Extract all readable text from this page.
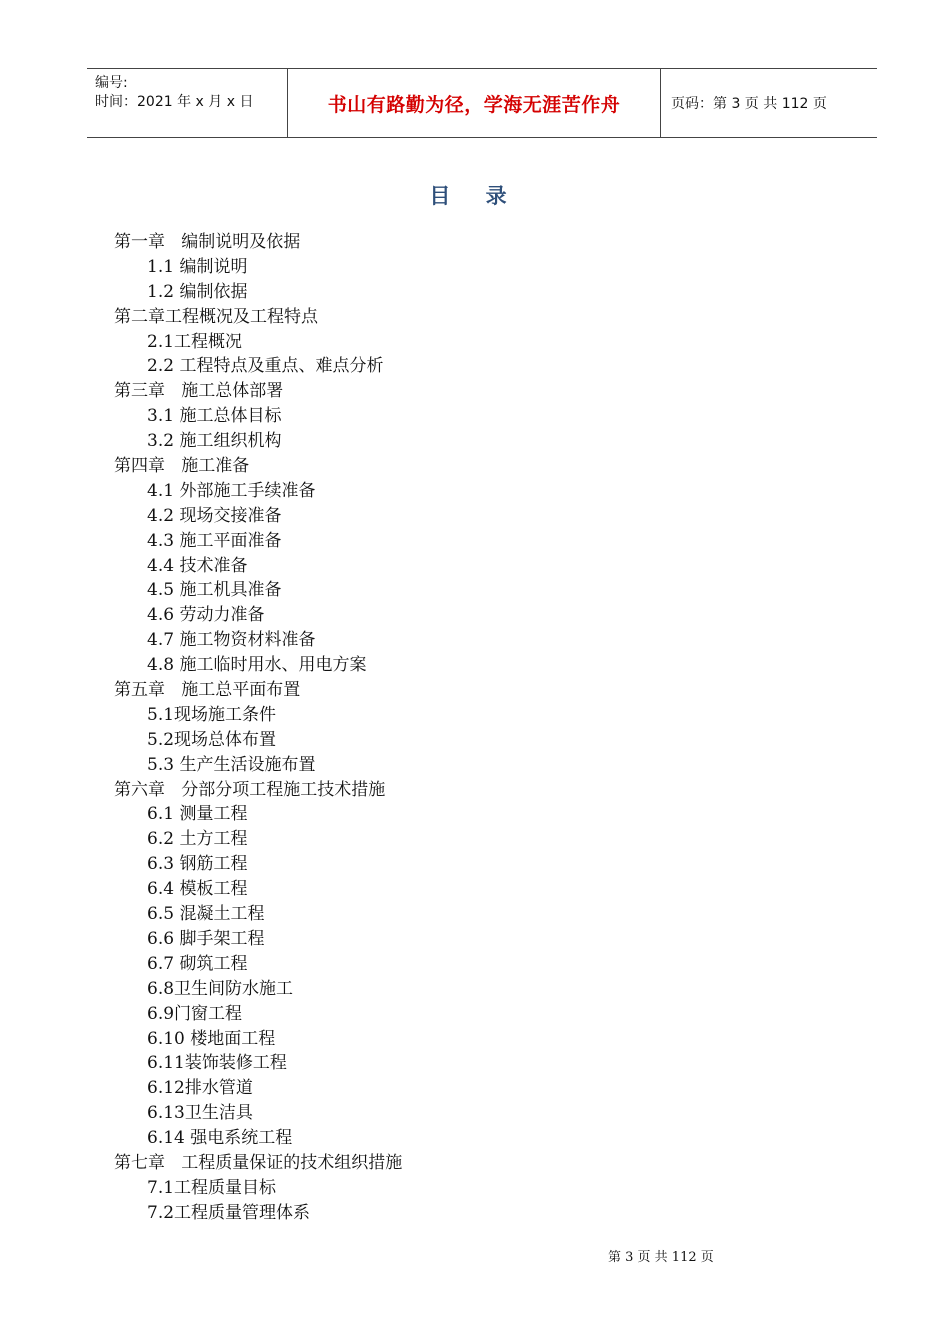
编号:
时间：2021 年 x 月 x 日	书山有路勤为径，学海无涯苦作舟	页码：第 3 页 共 112 页
目 录
第一章   编制说明及依据
1.1 编制说明
1.2 编制依据
第二章工程概况及工程特点
2.1工程概况
2.2 工程特点及重点、难点分析
第三章   施工总体部署
3.1 施工总体目标
3.2 施工组织机构
第四章   施工准备
4.1 外部施工手续准备
4.2 现场交接准备
4.3 施工平面准备
4.4 技术准备
4.5 施工机具准备
4.6 劳动力准备
4.7 施工物资材料准备
4.8 施工临时用水、用电方案
第五章   施工总平面布置
5.1现场施工条件
5.2现场总体布置
5.3 生产生活设施布置
第六章   分部分项工程施工技术措施
6.1 测量工程
6.2 土方工程
6.3 钢筋工程
6.4 模板工程
6.5 混凝土工程
6.6 脚手架工程
6.7 砌筑工程
6.8卫生间防水施工
6.9门窗工程
6.10 楼地面工程
6.11装饰装修工程
6.12排水管道
6.13卫生洁具
6.14 强电系统工程
第七章   工程质量保证的技术组织措施
7.1工程质量目标
7.2工程质量管理体系
第 3 页 共 112 页
